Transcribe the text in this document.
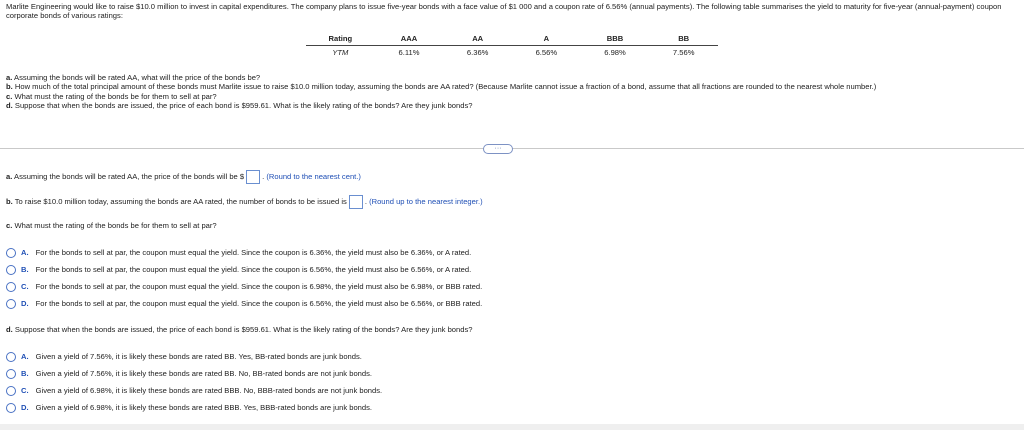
Marlite Engineering would like to raise $10.0 million to invest in capital expenditures. The company plans to issue five-year bonds with a face value of $1 000 and a coupon rate of 6.56% (annual payments). The following table summarises the yield to maturity for five-year (annual-payment) coupon corporate bonds of various ratings:
Rating	AAA	AA	A	BBB	BB
YTM	6.11%	6.36%	6.56%	6.98%	7.56%
a. Assuming the bonds will be rated AA, what will the price of the bonds be?
b. How much of the total principal amount of these bonds must Marlite issue to raise $10.0 million today, assuming the bonds are AA rated? (Because Marlite cannot issue a fraction of a bond, assume that all fractions are rounded to the nearest whole number.)
c. What must the rating of the bonds be for them to sell at par?
d. Suppose that when the bonds are issued, the price of each bond is $959.61. What is the likely rating of the bonds? Are they junk bonds?
···
a. Assuming the bonds will be rated AA, the price of the bonds will be $ . (Round to the nearest cent.)
b. To raise $10.0 million today, assuming the bonds are AA rated, the number of bonds to be issued is . (Round up to the nearest integer.)
c. What must the rating of the bonds be for them to sell at par?
A. For the bonds to sell at par, the coupon must equal the yield. Since the coupon is 6.36%, the yield must also be 6.36%, or A rated.
B. For the bonds to sell at par, the coupon must equal the yield. Since the coupon is 6.56%, the yield must also be 6.56%, or A rated.
C. For the bonds to sell at par, the coupon must equal the yield. Since the coupon is 6.98%, the yield must also be 6.98%, or BBB rated.
D. For the bonds to sell at par, the coupon must equal the yield. Since the coupon is 6.56%, the yield must also be 6.56%, or BBB rated.
d. Suppose that when the bonds are issued, the price of each bond is $959.61. What is the likely rating of the bonds? Are they junk bonds?
A. Given a yield of 7.56%, it is likely these bonds are rated BB. Yes, BB-rated bonds are junk bonds.
B. Given a yield of 7.56%, it is likely these bonds are rated BB. No, BB-rated bonds are not junk bonds.
C. Given a yield of 6.98%, it is likely these bonds are rated BBB. No, BBB-rated bonds are not junk bonds.
D. Given a yield of 6.98%, it is likely these bonds are rated BBB. Yes, BBB-rated bonds are junk bonds.
